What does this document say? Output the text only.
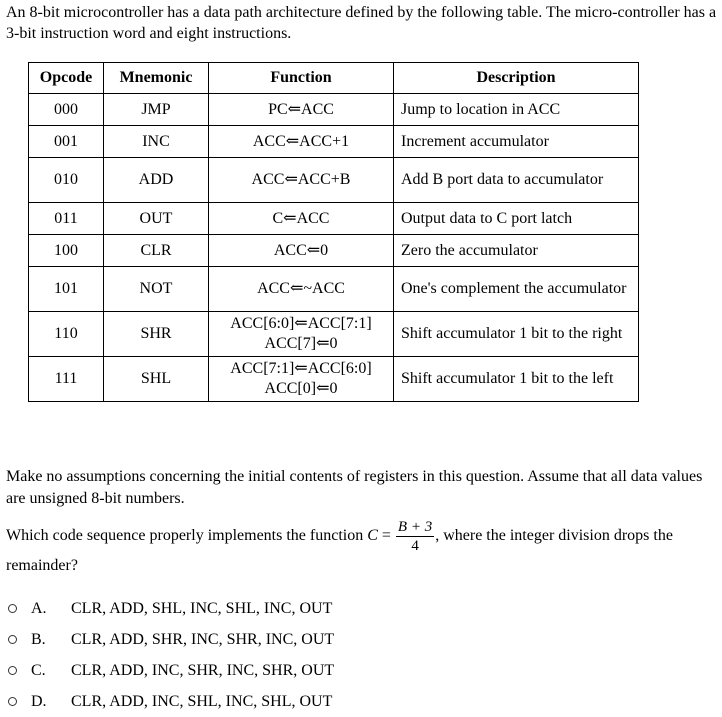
An 8-bit microcontroller has a data path architecture defined by the following table. The micro-controller has a 3-bit instruction word and eight instructions.
Opcode	Mnemonic	Function	Description
000	JMP	PC⇐ACC	Jump to location in ACC
001	INC	ACC⇐ACC+1	Increment accumulator
010	ADD	ACC⇐ACC+B	Add B port data to accumulator
011	OUT	C⇐ACC	Output data to C port latch
100	CLR	ACC⇐0	Zero the accumulator
101	NOT	ACC⇐~ACC	One's complement the accumulator
110	SHR	ACC[6:0]⇐ACC[7:1]
ACC[7]⇐0	Shift accumulator 1 bit to the right
111	SHL	ACC[7:1]⇐ACC[6:0]
ACC[0]⇐0	Shift accumulator 1 bit to the left
Make no assumptions concerning the initial contents of registers in this question. Assume that all data values are unsigned 8-bit numbers.
Which code sequence properly implements the function $C = \frac{B + 3}{4}$ , where the integer division drops the remainder?
A.	CLR, ADD, SHL, INC, SHL, INC, OUT
B.	CLR, ADD, SHR, INC, SHR, INC, OUT
C.	CLR, ADD, INC, SHR, INC, SHR, OUT
D.	CLR, ADD, INC, SHL, INC, SHL, OUT
